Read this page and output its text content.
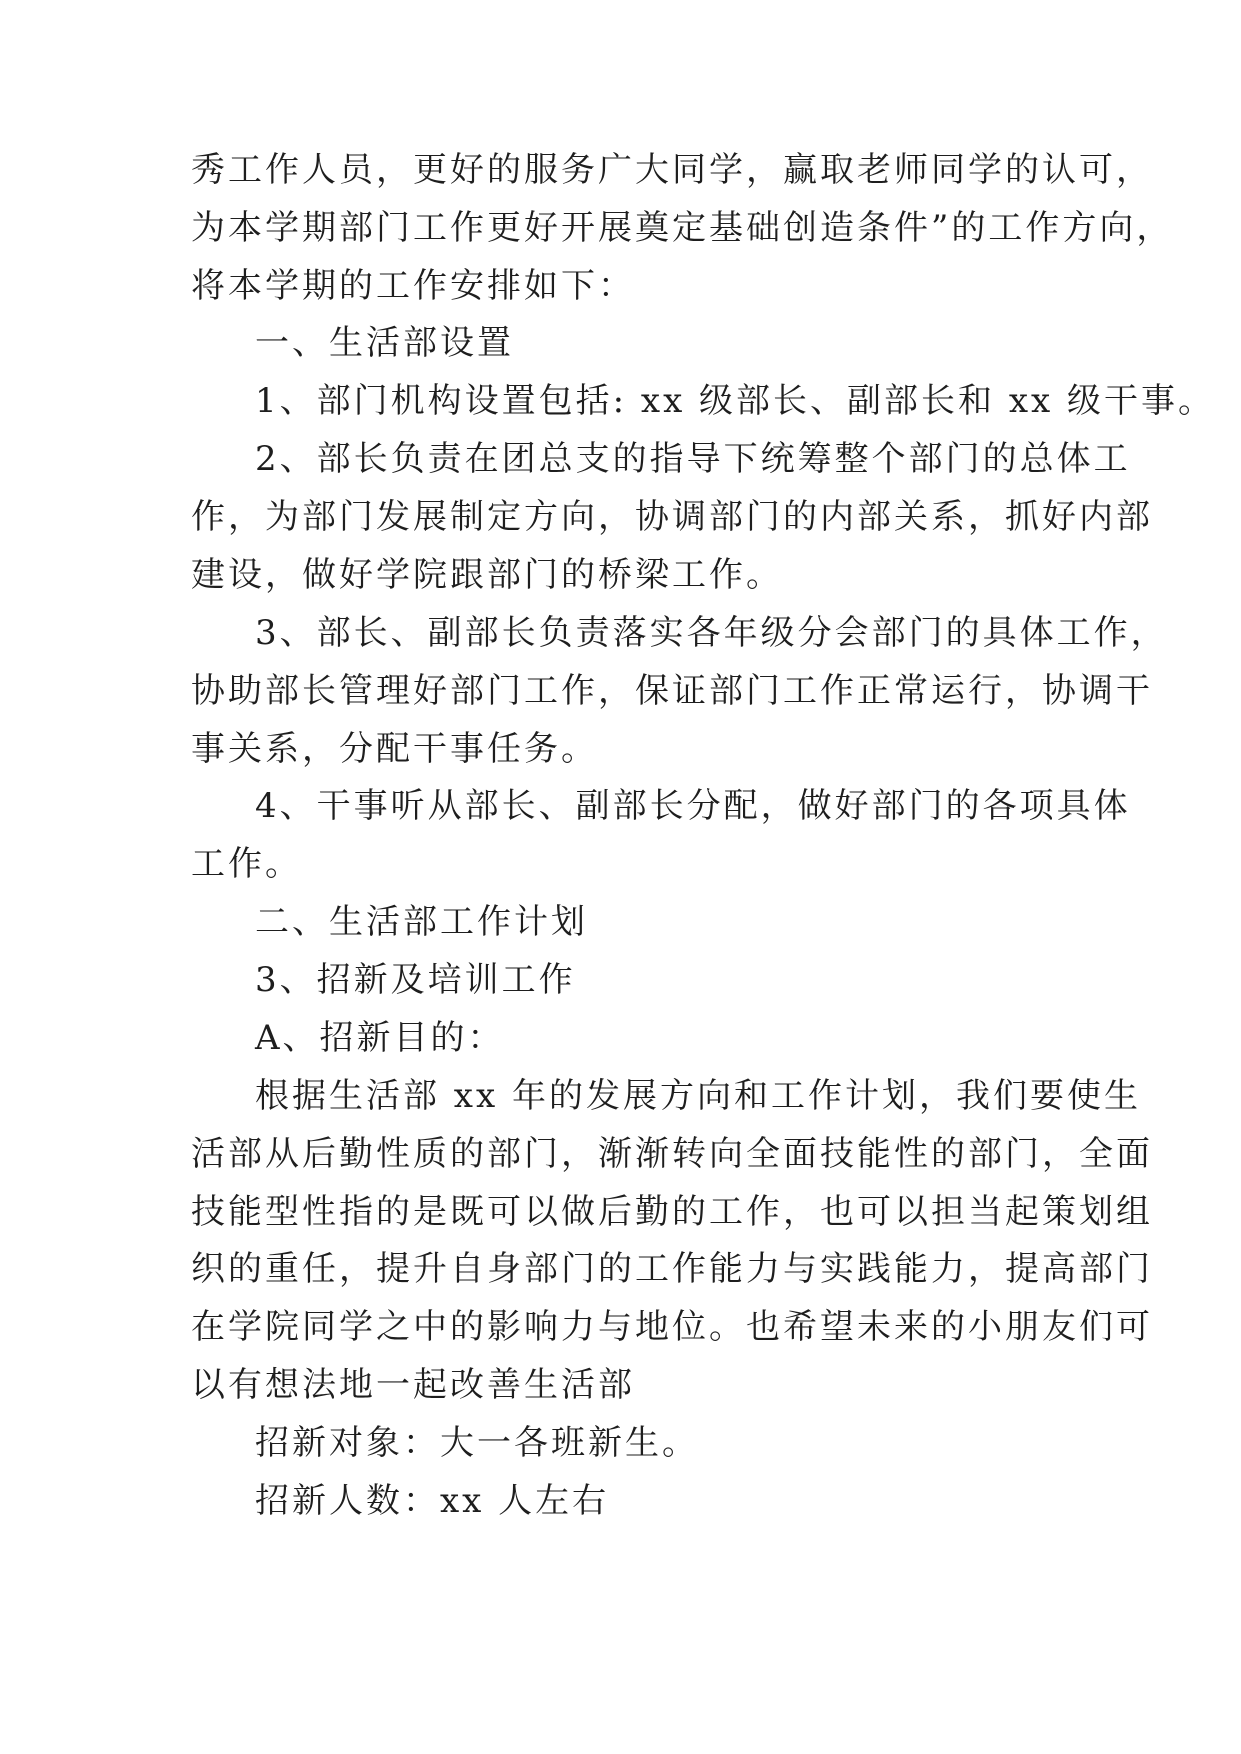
秀工作人员，更好的服务广大同学，赢取老师同学的认可，
为本学期部门工作更好开展奠定基础创造条件”的工作方向，
将本学期的工作安排如下：
一、生活部设置
1、部门机构设置包括: xx 级部长、副部长和 xx 级干事。
2、部长负责在团总支的指导下统筹整个部门的总体工
作，为部门发展制定方向，协调部门的内部关系，抓好内部
建设，做好学院跟部门的桥梁工作。
3、部长、副部长负责落实各年级分会部门的具体工作，
协助部长管理好部门工作，保证部门工作正常运行，协调干
事关系，分配干事任务。
4、干事听从部长、副部长分配，做好部门的各项具体
工作。
二、生活部工作计划
3、招新及培训工作
A、招新目的：
根据生活部 xx 年的发展方向和工作计划，我们要使生
活部从后勤性质的部门，渐渐转向全面技能性的部门，全面
技能型性指的是既可以做后勤的工作，也可以担当起策划组
织的重任，提升自身部门的工作能力与实践能力，提高部门
在学院同学之中的影响力与地位。也希望未来的小朋友们可
以有想法地一起改善生活部
招新对象：大一各班新生。
招新人数：xx 人左右
